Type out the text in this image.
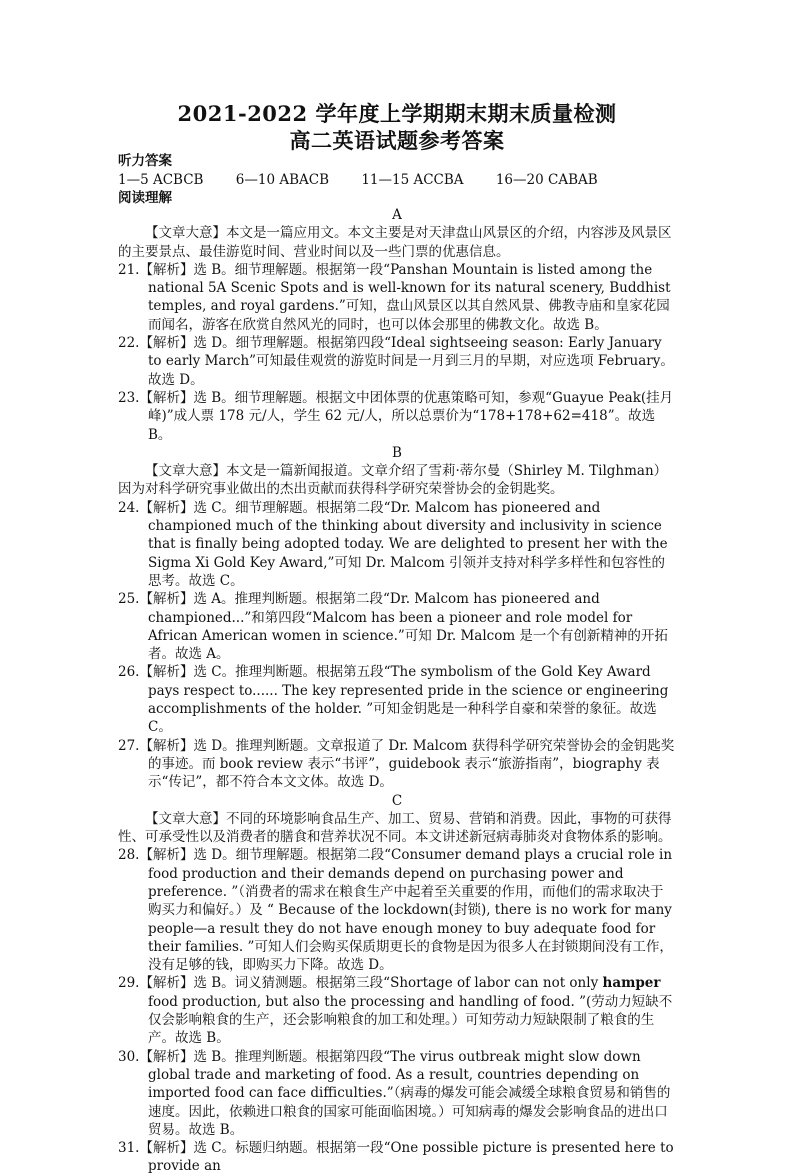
2021-2022 学年度上学期期末期末质量检测
高二英语试题参考答案
听力答案
1—5 ACBCB 6—10 ABACB 11—15 ACCBA 16—20 CABAB
阅读理解

A

【文章大意】本文是一篇应用文。本文主要是对天津盘山风景区的介绍，内容涉及风景区的主要景点、最佳游览时间、营业时间以及一些门票的优惠信息。

21.【解析】选 B。细节理解题。根据第一段“Panshan Mountain is listed among the national 5A Scenic Spots and is well-known for its natural scenery, Buddhist temples, and royal gardens.”可知，盘山风景区以其自然风景、佛教寺庙和皇家花园而闻名，游客在欣赏自然风光的同时，也可以体会那里的佛教文化。故选 B。

22.【解析】选 D。细节理解题。根据第四段“Ideal sightseeing season: Early January to early March”可知最佳观赏的游览时间是一月到三月的早期，对应选项 February。故选 D。

23.【解析】选 B。细节理解题。根据文中团体票的优惠策略可知，参观“Guayue Peak(挂月峰)”成人票 178 元/人，学生 62 元/人，所以总票价为“178+178+62=418”。故选 B。

B

【文章大意】本文是一篇新闻报道。文章介绍了雪莉·蒂尔曼（Shirley M. Tilghman）因为对科学研究事业做出的杰出贡献而获得科学研究荣誉协会的金钥匙奖。

24.【解析】选 C。细节理解题。根据第二段“Dr. Malcom has pioneered and championed much of the thinking about diversity and inclusivity in science that is finally being adopted today. We are delighted to present her with the Sigma Xi Gold Key Award,”可知 Dr. Malcom 引领并支持对科学多样性和包容性的思考。故选 C。

25.【解析】选 A。推理判断题。根据第二段“Dr. Malcom has pioneered and championed...”和第四段“Malcom has been a pioneer and role model for African American women in science.”可知 Dr. Malcom 是一个有创新精神的开拓者。故选 A。

26.【解析】选 C。推理判断题。根据第五段“The symbolism of the Gold Key Award pays respect to...... The key represented pride in the science or engineering accomplishments of the holder. ”可知金钥匙是一种科学自豪和荣誉的象征。故选 C。

27.【解析】选 D。推理判断题。文章报道了 Dr. Malcom 获得科学研究荣誉协会的金钥匙奖的事迹。而 book review 表示“书评”，guidebook 表示“旅游指南”，biography 表示“传记”，都不符合本文文体。故选 D。

C

【文章大意】不同的环境影响食品生产、加工、贸易、营销和消费。因此，事物的可获得性、可承受性以及消费者的膳食和营养状况不同。本文讲述新冠病毒肺炎对食物体系的影响。

28.【解析】选 D。细节理解题。根据第二段“Consumer demand plays a crucial role in food production and their demands depend on purchasing power and preference. ”（消费者的需求在粮食生产中起着至关重要的作用，而他们的需求取决于购买力和偏好。）及 “ Because of the lockdown(封锁), there is no work for many people—a result they do not have enough money to buy adequate food for their families. ”可知人们会购买保质期更长的食物是因为很多人在封锁期间没有工作，没有足够的钱，即购买力下降。故选 D。

29.【解析】选 B。词义猜测题。根据第三段“Shortage of labor can not only hamper food production, but also the processing and handling of food. ”(劳动力短缺不仅会影响粮食的生产，还会影响粮食的加工和处理。）可知劳动力短缺限制了粮食的生产。故选 B。

30.【解析】选 B。推理判断题。根据第四段“The virus outbreak might slow down global trade and marketing of food. As a result, countries depending on imported food can face difficulties.”（病毒的爆发可能会减缓全球粮食贸易和销售的速度。因此，依赖进口粮食的国家可能面临困境。）可知病毒的爆发会影响食品的进出口贸易。故选 B。

31.【解析】选 C。标题归纳题。根据第一段“One possible picture is presented here to provide an
